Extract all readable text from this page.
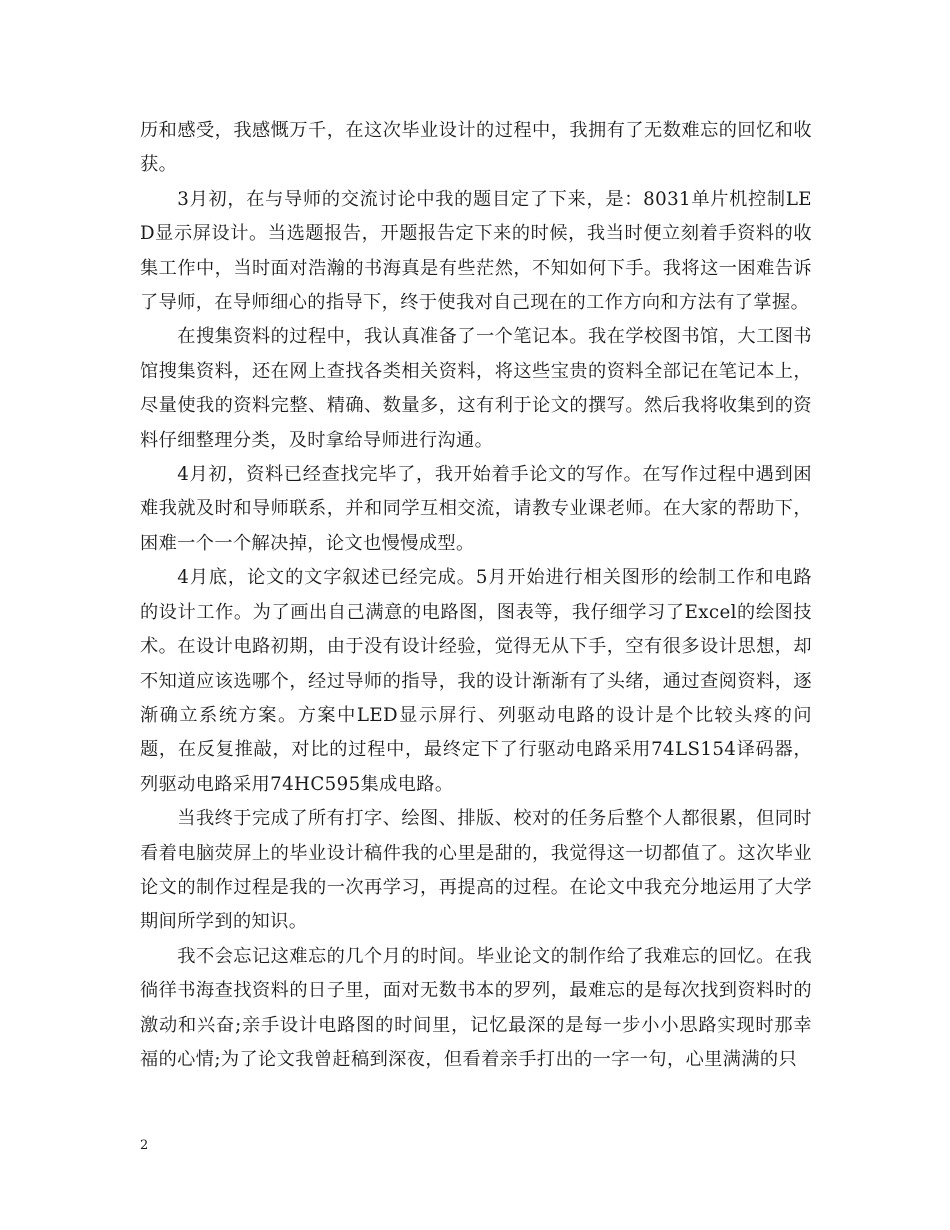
历和感受，我感慨万千，在这次毕业设计的过程中，我拥有了无数难忘的回忆和收获。

3月初，在与导师的交流讨论中我的题目定了下来，是：8031单片机控制LED显示屏设计。当选题报告，开题报告定下来的时候，我当时便立刻着手资料的收集工作中，当时面对浩瀚的书海真是有些茫然，不知如何下手。我将这一困难告诉了导师，在导师细心的指导下，终于使我对自己现在的工作方向和方法有了掌握。

在搜集资料的过程中，我认真准备了一个笔记本。我在学校图书馆，大工图书馆搜集资料，还在网上查找各类相关资料，将这些宝贵的资料全部记在笔记本上，尽量使我的资料完整、精确、数量多，这有利于论文的撰写。然后我将收集到的资料仔细整理分类，及时拿给导师进行沟通。

4月初，资料已经查找完毕了，我开始着手论文的写作。在写作过程中遇到困难我就及时和导师联系，并和同学互相交流，请教专业课老师。在大家的帮助下，困难一个一个解决掉，论文也慢慢成型。

4月底，论文的文字叙述已经完成。5月开始进行相关图形的绘制工作和电路的设计工作。为了画出自己满意的电路图，图表等，我仔细学习了Excel的绘图技术。在设计电路初期，由于没有设计经验，觉得无从下手，空有很多设计思想，却不知道应该选哪个，经过导师的指导，我的设计渐渐有了头绪，通过查阅资料，逐渐确立系统方案。方案中LED显示屏行、列驱动电路的设计是个比较头疼的问题，在反复推敲，对比的过程中，最终定下了行驱动电路采用74LS154译码器，列驱动电路采用74HC595集成电路。

当我终于完成了所有打字、绘图、排版、校对的任务后整个人都很累，但同时看着电脑荧屏上的毕业设计稿件我的心里是甜的，我觉得这一切都值了。这次毕业论文的制作过程是我的一次再学习，再提高的过程。在论文中我充分地运用了大学期间所学到的知识。

我不会忘记这难忘的几个月的时间。毕业论文的制作给了我难忘的回忆。在我徜徉书海查找资料的日子里，面对无数书本的罗列，最难忘的是每次找到资料时的激动和兴奋;亲手设计电路图的时间里，记忆最深的是每一步小小思路实现时那幸福的心情;为了论文我曾赶稿到深夜，但看着亲手打出的一字一句，心里满满的只

2
